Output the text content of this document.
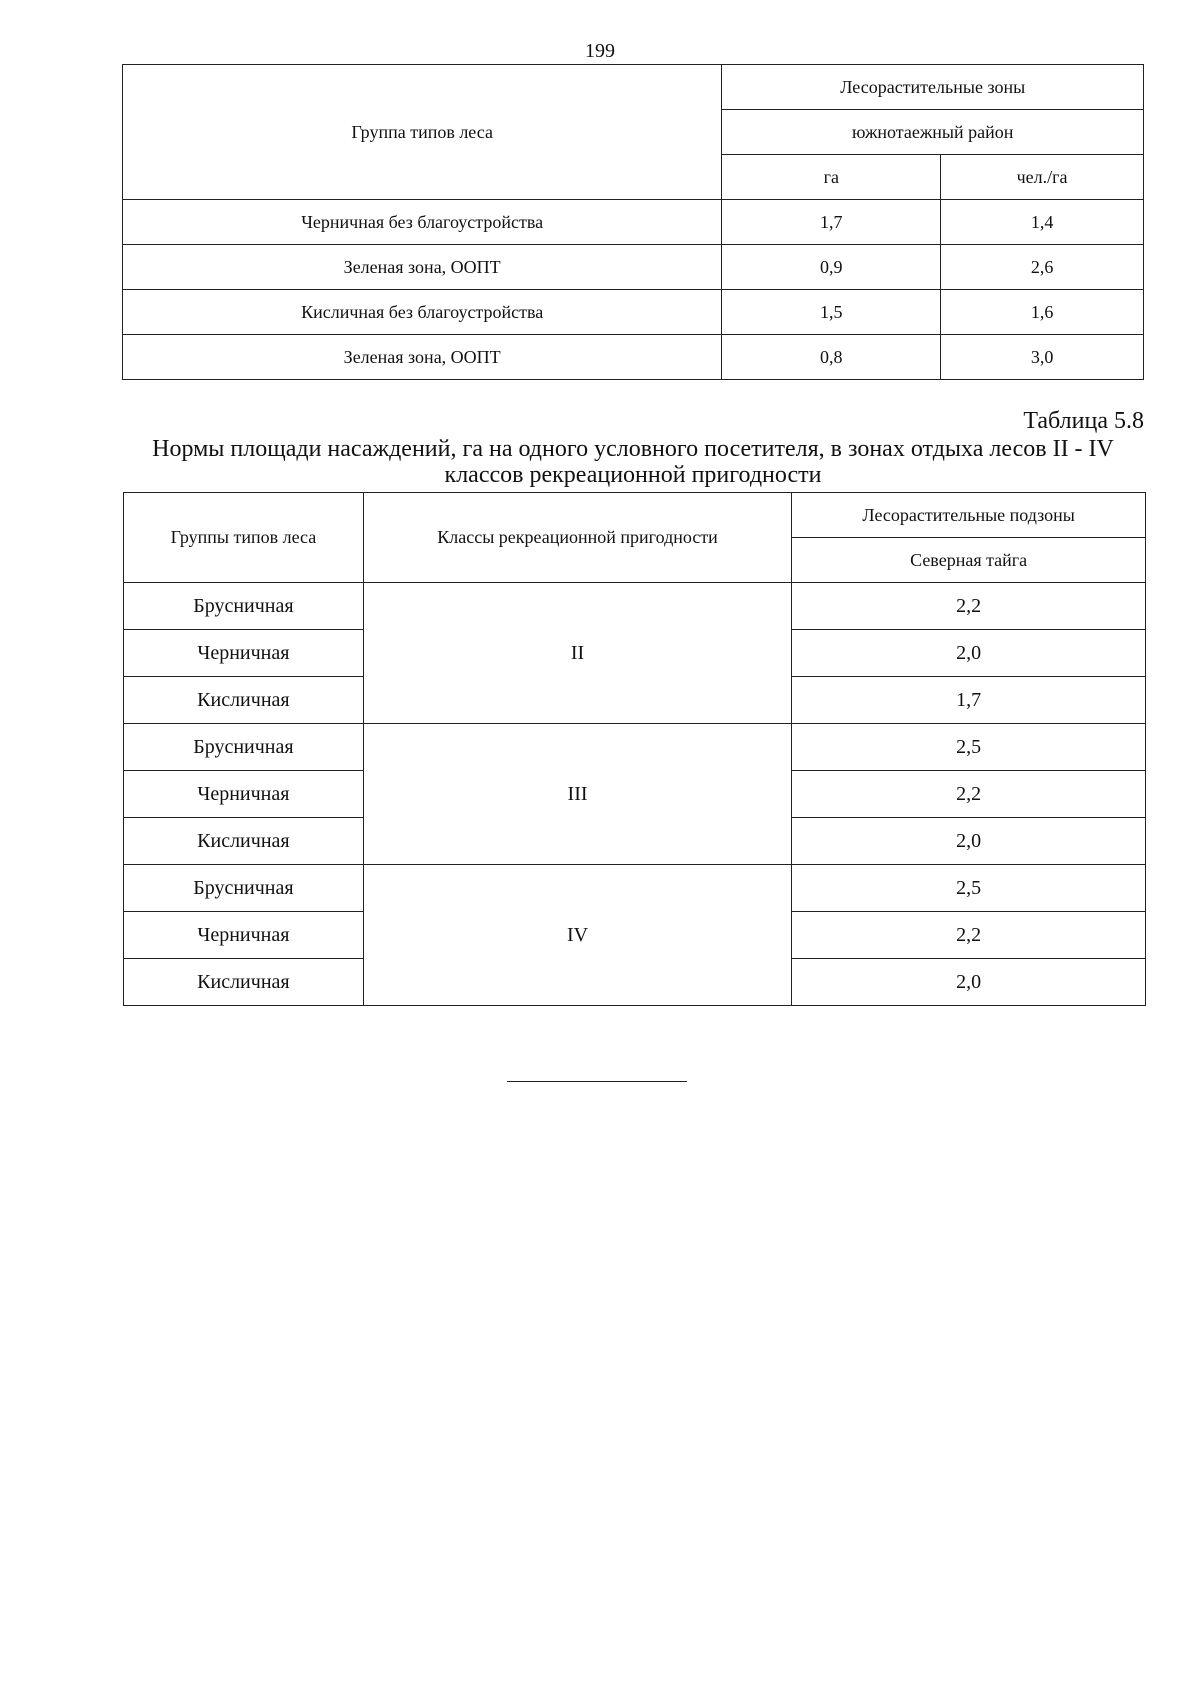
199
Группа типов леса	Лесорастительные зоны	
	южнотаежный район	
	га	чел./га
Черничная без благоустройства	1,7	1,4
Зеленая зона, ООПТ	0,9	2,6
Кисличная без благоустройства	1,5	1,6
Зеленая зона, ООПТ	0,8	3,0
Таблица 5.8
Нормы площади насаждений, га на одного условного посетителя, в зонах отдыха лесов II - IV
классов рекреационной пригодности
Группы типов леса	Классы рекреационной пригодности	Лесорастительные подзоны
		Северная тайга
Брусничная	II	2,2
Черничная		2,0
Кисличная		1,7
Брусничная	III	2,5
Черничная		2,2
Кисличная		2,0
Брусничная	IV	2,5
Черничная		2,2
Кисличная		2,0
